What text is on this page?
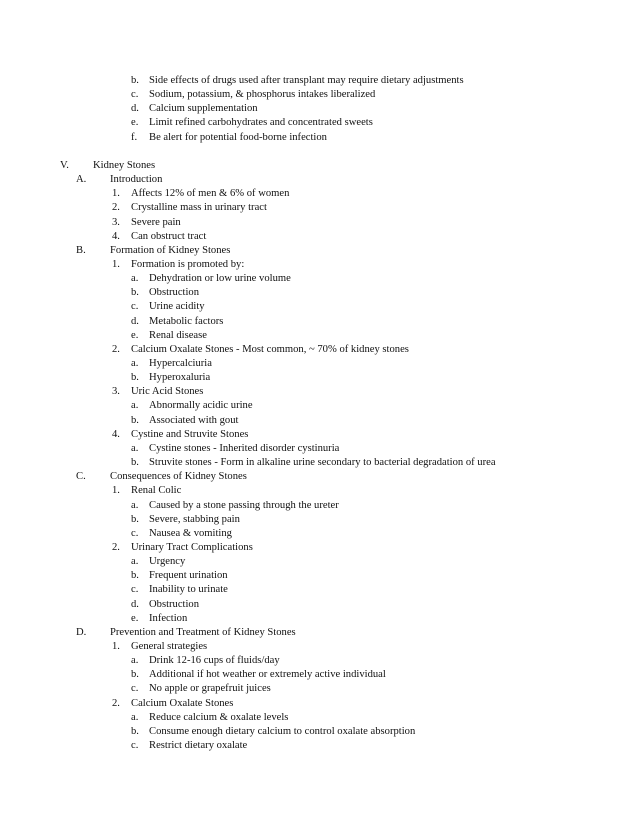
b. Side effects of drugs used after transplant may require dietary adjustments
c. Sodium, potassium, & phosphorus intakes liberalized
d. Calcium supplementation
e. Limit refined carbohydrates and concentrated sweets
f. Be alert for potential food-borne infection
V. Kidney Stones
A. Introduction
1. Affects 12% of men & 6% of women
2. Crystalline mass in urinary tract
3. Severe pain
4. Can obstruct tract
B. Formation of Kidney Stones
1. Formation is promoted by:
a. Dehydration or low urine volume
b. Obstruction
c. Urine acidity
d. Metabolic factors
e. Renal disease
2. Calcium Oxalate Stones - Most common, ~ 70% of kidney stones
a. Hypercalciuria
b. Hyperoxaluria
3. Uric Acid Stones
a. Abnormally acidic urine
b. Associated with gout
4. Cystine and Struvite Stones
a. Cystine stones - Inherited disorder cystinuria
b. Struvite stones - Form in alkaline urine secondary to bacterial degradation of urea
C. Consequences of Kidney Stones
1. Renal Colic
a. Caused by a stone passing through the ureter
b. Severe, stabbing pain
c. Nausea & vomiting
2. Urinary Tract Complications
a. Urgency
b. Frequent urination
c. Inability to urinate
d. Obstruction
e. Infection
D. Prevention and Treatment of Kidney Stones
1. General strategies
a. Drink 12-16 cups of fluids/day
b. Additional if hot weather or extremely active individual
c. No apple or grapefruit juices
2. Calcium Oxalate Stones
a. Reduce calcium & oxalate levels
b. Consume enough dietary calcium to control oxalate absorption
c. Restrict dietary oxalate
